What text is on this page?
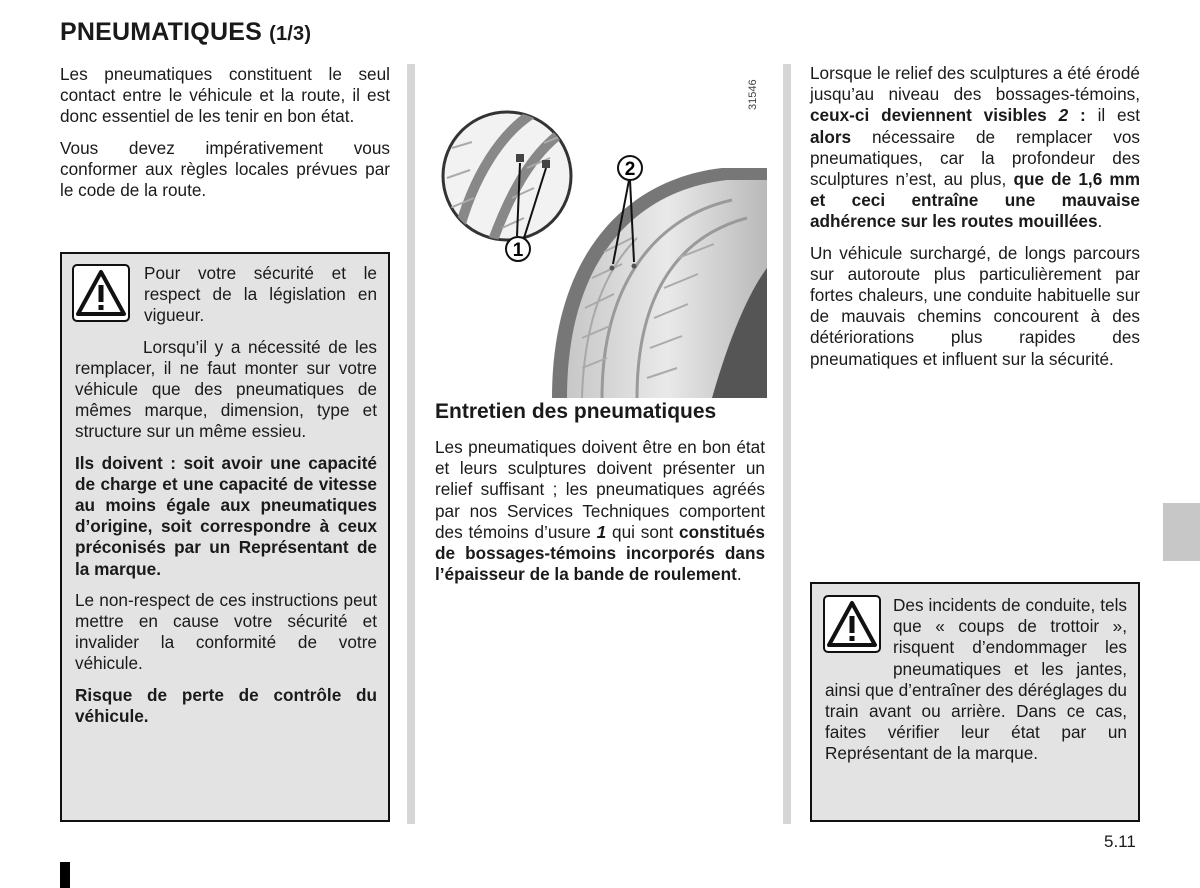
PNEUMATIQUES (1/3)

Les pneumatiques constituent le seul contact entre le véhicule et la route, il est donc essentiel de les tenir en bon état.

Vous devez impérativement vous conformer aux règles locales prévues par le code de la route.

Pour votre sécurité et le respect de la législation en vigueur.

Lorsqu’il y a nécessité de les remplacer, il ne faut monter sur votre véhicule que des pneumatiques de mêmes marque, dimension, type et structure sur un même essieu.

Ils doivent : soit avoir une capacité de charge et une capacité de vitesse au moins égale aux pneumatiques d’origine, soit correspondre à ceux préconisés par un Représentant de la marque.

Le non-respect de ces instructions peut mettre en cause votre sécurité et invalider la conformité de votre véhicule.

Risque de perte de contrôle du véhicule.

1
2
31546
Entretien des pneumatiques

Les pneumatiques doivent être en bon état et leurs sculptures doivent présenter un relief suffisant ; les pneumatiques agréés par nos Services Techniques comportent des témoins d’usure 1 qui sont constitués de bossages-témoins incorporés dans l’épaisseur de la bande de roulement.

Lorsque le relief des sculptures a été érodé jusqu’au niveau des bossages-témoins, ceux-ci deviennent visibles 2 : il est alors nécessaire de remplacer vos pneumatiques, car la profondeur des sculptures n’est, au plus, que de 1,6 mm et ceci entraîne une mauvaise adhérence sur les routes mouillées.

Un véhicule surchargé, de longs parcours sur autoroute plus particulièrement par fortes chaleurs, une conduite habituelle sur de mauvais chemins concourent à des détériorations plus rapides des pneumatiques et influent sur la sécurité.

Des incidents de conduite, tels que « coups de trottoir », risquent d’endommager les pneumatiques et les jantes, ainsi que d’entraîner des déréglages du train avant ou arrière. Dans ce cas, faites vérifier leur état par un Représentant de la marque.

5.11
